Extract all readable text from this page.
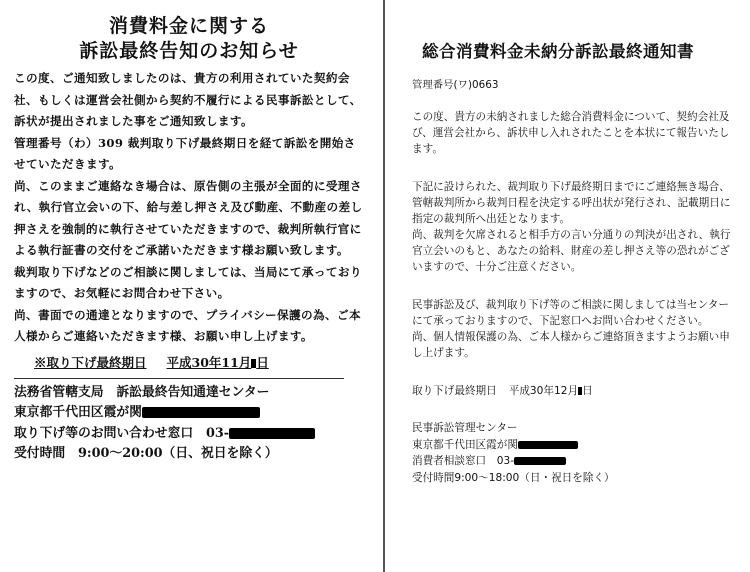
消費料金に関する
訴訟最終告知のお知らせ

この度、ご通知致しましたのは、貴方の利用されていた契約会社、もしくは運営会社側から契約不履行による民事訴訟として、訴状が提出されました事をご通知致します。

管理番号（わ）309 裁判取り下げ最終期日を経て訴訟を開始させていただきます。

尚、このままご連絡なき場合は、原告側の主張が全面的に受理され、執行官立会いの下、給与差し押さえ及び動産、不動産の差し押さえを強制的に執行させていただきますので、裁判所執行官による執行証書の交付をご承諾いただきます様お願い致します。

裁判取り下げなどのご相談に関しましては、当局にて承っておりますので、お気軽にお問合わせ下さい。

尚、書面での通達となりますので、プライバシー保護の為、ご本人様からご連絡いただきます様、お願い申し上げます。

※取り下げ最終期日 平成30年11月 日
法務省管轄支局　訴訟最終告知通達センター
東京都千代田区霞が関
取り下げ等のお問い合わせ窓口　03-
受付時間　9:00～20:00（日、祝日を除く）
総合消費料金未納分訴訟最終通知書

管理番号(ワ)0663

この度、貴方の未納されました総合消費料金について、契約会社及び、運営会社から、訴状申し入れされたことを本状にて報告いたします。

下記に設けられた、裁判取り下げ最終期日までにご連絡無き場合、管轄裁判所から裁判日程を決定する呼出状が発行され、記載期日に指定の裁判所へ出廷となります。

尚、裁判を欠席されると相手方の言い分通りの判決が出され、執行官立会いのもと、あなたの給料、財産の差し押さえ等の恐れがございますので、十分ご注意ください。

民事訴訟及び、裁判取り下げ等のご相談に関しましては当センターにて承っておりますので、下記窓口へお問い合わせください。

尚、個人情報保護の為、ご本人様からご連絡頂きますようお願い申し上げます。

取り下げ最終期日 平成30年12月 日

民事訴訟管理センター
東京都千代田区霞が関
消費者相談窓口　03-
受付時間9:00～18:00（日・祝日を除く）
